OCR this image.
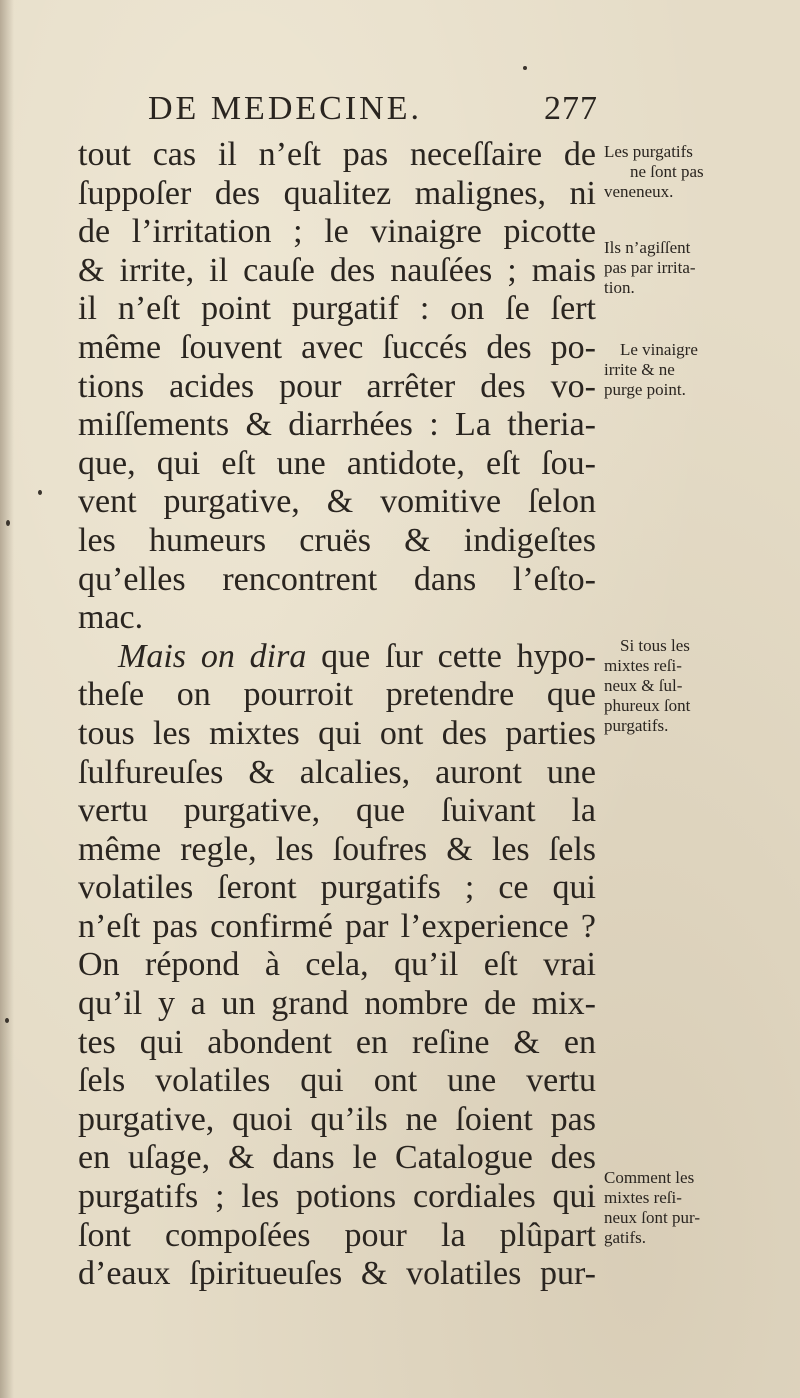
DE MEDECINE.	277
tout cas il n’eſt pas neceſſaire de
ſuppoſer des qualitez malignes, ni
de l’irritation ; le vinaigre picotte
& irrite, il cauſe des nauſées ; mais
il n’eſt point purgatif : on ſe ſert
même ſouvent avec ſuccés des po-
tions acides pour arrêter des vo-
miſſements & diarrhées : La theria-
que, qui eſt une antidote, eſt ſou-
vent purgative, & vomitive ſelon
les humeurs cruës & indigeſtes
qu’elles rencontrent dans l’eſto-
mac.
Mais on dira que ſur cette hypo-
theſe on pourroit pretendre que
tous les mixtes qui ont des parties
ſulfureuſes & alcalies, auront une
vertu purgative, que ſuivant la
même regle, les ſoufres & les ſels
volatiles ſeront purgatifs ; ce qui
n’eſt pas confirmé par l’experience ?
On répond à cela, qu’il eſt vrai
qu’il y a un grand nombre de mix-
tes qui abondent en reſine & en
ſels volatiles qui ont une vertu
purgative, quoi qu’ils ne ſoient pas
en uſage, & dans le Catalogue des
purgatifs ; les potions cordiales qui
ſont compoſées pour la plûpart
d’eaux ſpiritueuſes & volatiles pur-
Les purgatifs
ne ſont pas
veneneux.
Ils n’agiſſent
pas par irrita-
tion.
Le vinaigre
irrite & ne
purge point.
Si tous les
mixtes reſi-
neux & ſul-
phureux ſont
purgatifs.
Comment les
mixtes reſi-
neux ſont pur-
gatifs.
